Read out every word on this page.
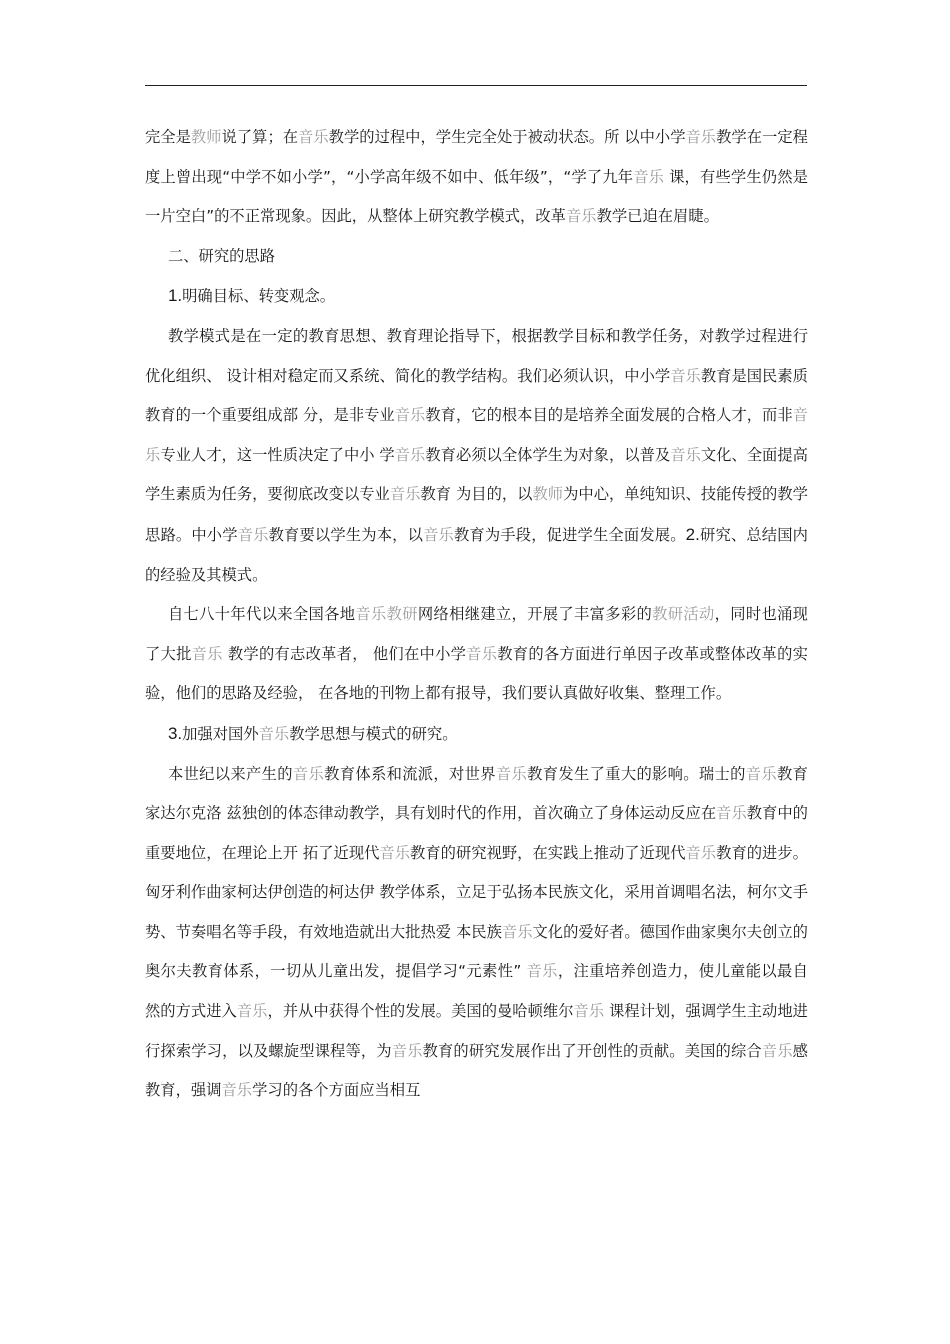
完全是教师说了算；在音乐教学的过程中，学生完全处于被动状态。所 以中小学音乐教学在一定程度上曾出现“中学不如小学”，“小学高年级不如中、低年级”，“学了九年音乐 课，有些学生仍然是一片空白”的不正常现象。因此，从整体上研究教学模式，改革音乐教学已迫在眉睫。

二、研究的思路

1.明确目标、转变观念。

教学模式是在一定的教育思想、教育理论指导下，根据教学目标和教学任务，对教学过程进行优化组织、 设计相对稳定而又系统、简化的教学结构。我们必须认识，中小学音乐教育是国民素质教育的一个重要组成部 分，是非专业音乐教育，它的根本目的是培养全面发展的合格人才，而非音乐专业人才，这一性质决定了中小 学音乐教育必须以全体学生为对象，以普及音乐文化、全面提高学生素质为任务，要彻底改变以专业音乐教育 为目的，以教师为中心，单纯知识、技能传授的教学思路。中小学音乐教育要以学生为本，以音乐教育为手段，促进学生全面发展。2.研究、总结国内的经验及其模式。

自七八十年代以来全国各地音乐教研网络相继建立，开展了丰富多彩的教研活动，同时也涌现了大批音乐 教学的有志改革者， 他们在中小学音乐教育的各方面进行单因子改革或整体改革的实验，他们的思路及经验， 在各地的刊物上都有报导，我们要认真做好收集、整理工作。

3.加强对国外音乐教学思想与模式的研究。

本世纪以来产生的音乐教育体系和流派，对世界音乐教育发生了重大的影响。瑞士的音乐教育家达尔克洛 兹独创的体态律动教学，具有划时代的作用，首次确立了身体运动反应在音乐教育中的重要地位，在理论上开 拓了近现代音乐教育的研究视野，在实践上推动了近现代音乐教育的进步。匈牙利作曲家柯达伊创造的柯达伊 教学体系，立足于弘扬本民族文化，采用首调唱名法，柯尔文手势、节奏唱名等手段，有效地造就出大批热爱 本民族音乐文化的爱好者。德国作曲家奥尔夫创立的奥尔夫教育体系，一切从儿童出发，提倡学习“元素性” 音乐，注重培养创造力，使儿童能以最自然的方式进入音乐，并从中获得个性的发展。美国的曼哈顿维尔音乐 课程计划，强调学生主动地进行探索学习，以及螺旋型课程等，为音乐教育的研究发展作出了开创性的贡献。美国的综合音乐感教育，强调音乐学习的各个方面应当相互
